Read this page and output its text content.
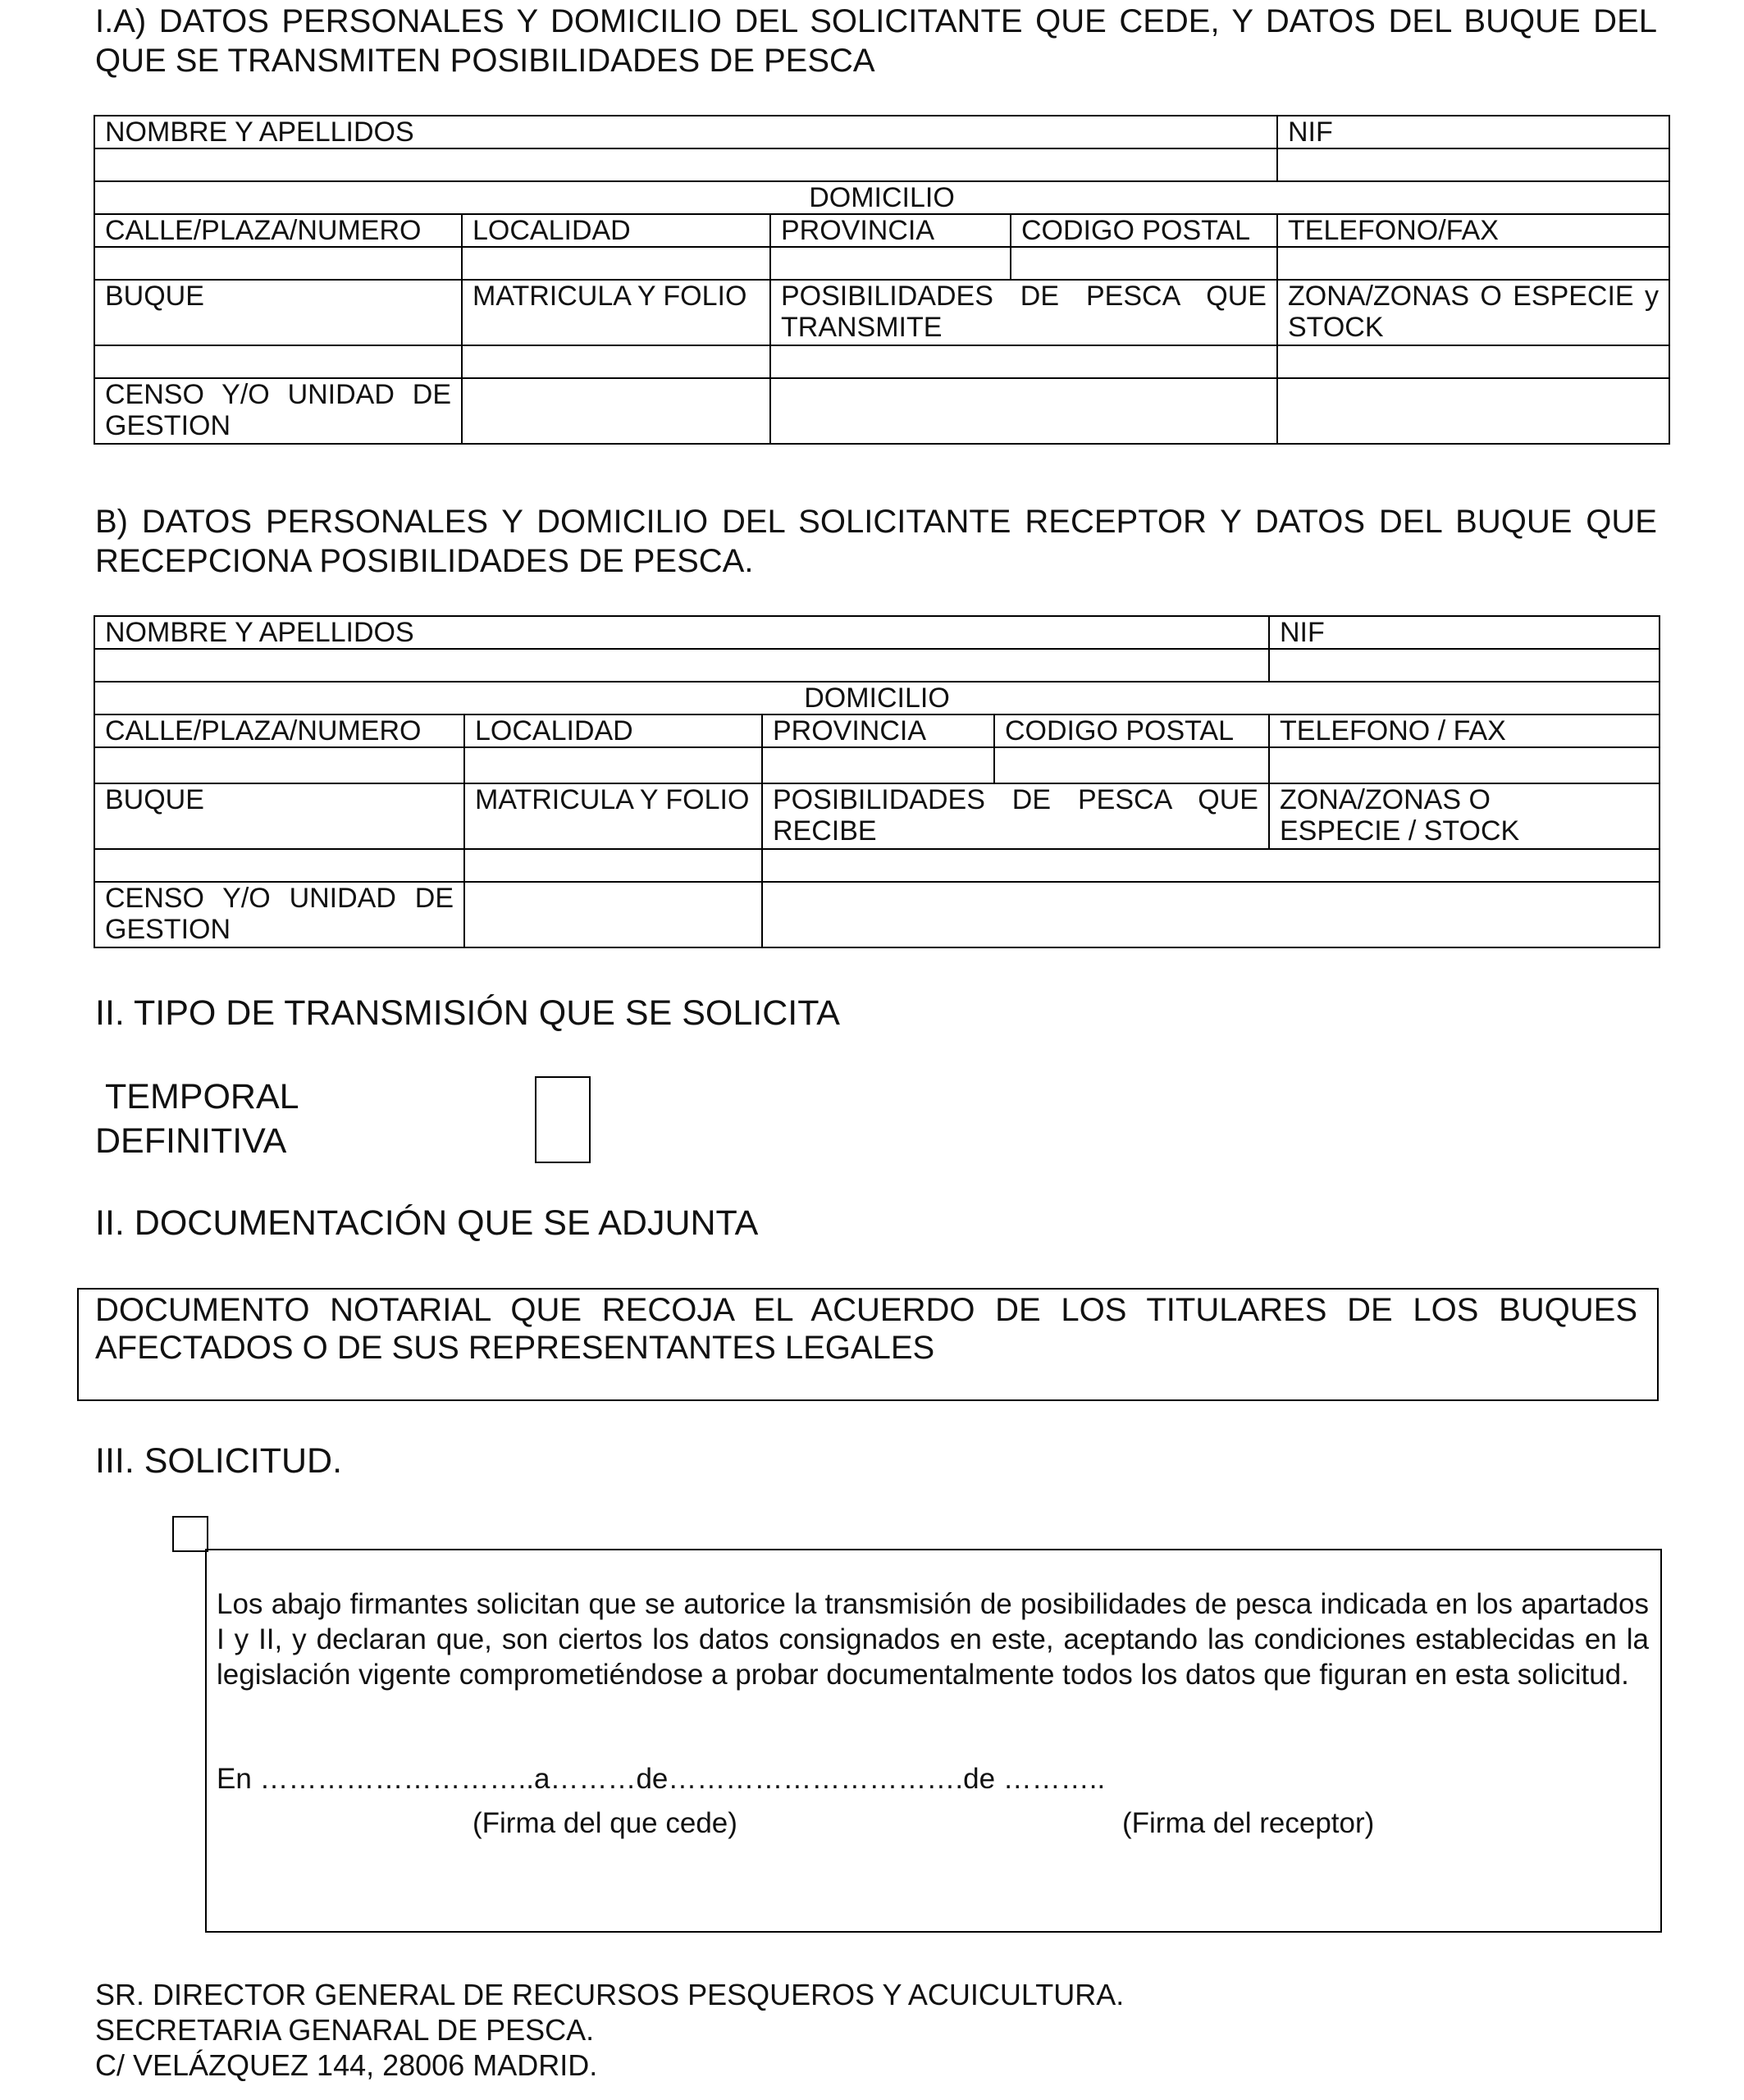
I.A) DATOS PERSONALES Y DOMICILIO DEL SOLICITANTE QUE CEDE, Y DATOS DEL BUQUE DEL QUE SE TRANSMITEN POSIBILIDADES DE PESCA
NOMBRE Y APELLIDOS				NIF

DOMICILIO				
CALLE/PLAZA/NUMERO	LOCALIDAD	PROVINCIA	CODIGO POSTAL	TELEFONO/FAX

BUQUE	MATRICULA Y FOLIO	POSIBILIDADES DE PESCA QUE TRANSMITE		ZONA/ZONAS O ESPECIE y STOCK

CENSO Y/O UNIDAD DE GESTION				

B) DATOS PERSONALES Y DOMICILIO DEL SOLICITANTE RECEPTOR Y DATOS DEL BUQUE QUE RECEPCIONA POSIBILIDADES DE PESCA.
NOMBRE Y APELLIDOS				NIF

DOMICILIO				
CALLE/PLAZA/NUMERO	LOCALIDAD	PROVINCIA	CODIGO POSTAL	TELEFONO / FAX

BUQUE	MATRICULA Y FOLIO	POSIBILIDADES DE PESCA QUE RECIBE		ZONA/ZONAS O
ESPECIE / STOCK

CENSO Y/O UNIDAD DE GESTION				

II. TIPO DE TRANSMISIÓN QUE SE SOLICITA
TEMPORAL
DEFINITIVA
II. DOCUMENTACIÓN QUE SE ADJUNTA
DOCUMENTO NOTARIAL QUE RECOJA EL ACUERDO DE LOS TITULARES DE LOS BUQUES AFECTADOS O DE SUS REPRESENTANTES LEGALES
III. SOLICITUD.
Los abajo firmantes solicitan que se autorice la transmisión de posibilidades de pesca indicada en los apartados I y II, y declaran que, son ciertos los datos consignados en este, aceptando las condiciones establecidas en la legislación vigente comprometiéndose a probar documentalmente todos los datos que figuran en esta solicitud.
En ………………………..a………de………………………….de ………..
(Firma del que cede)	(Firma del receptor)
SR. DIRECTOR GENERAL DE RECURSOS PESQUEROS Y ACUICULTURA.
SECRETARIA GENARAL DE PESCA.
C/ VELÁZQUEZ 144, 28006 MADRID.
